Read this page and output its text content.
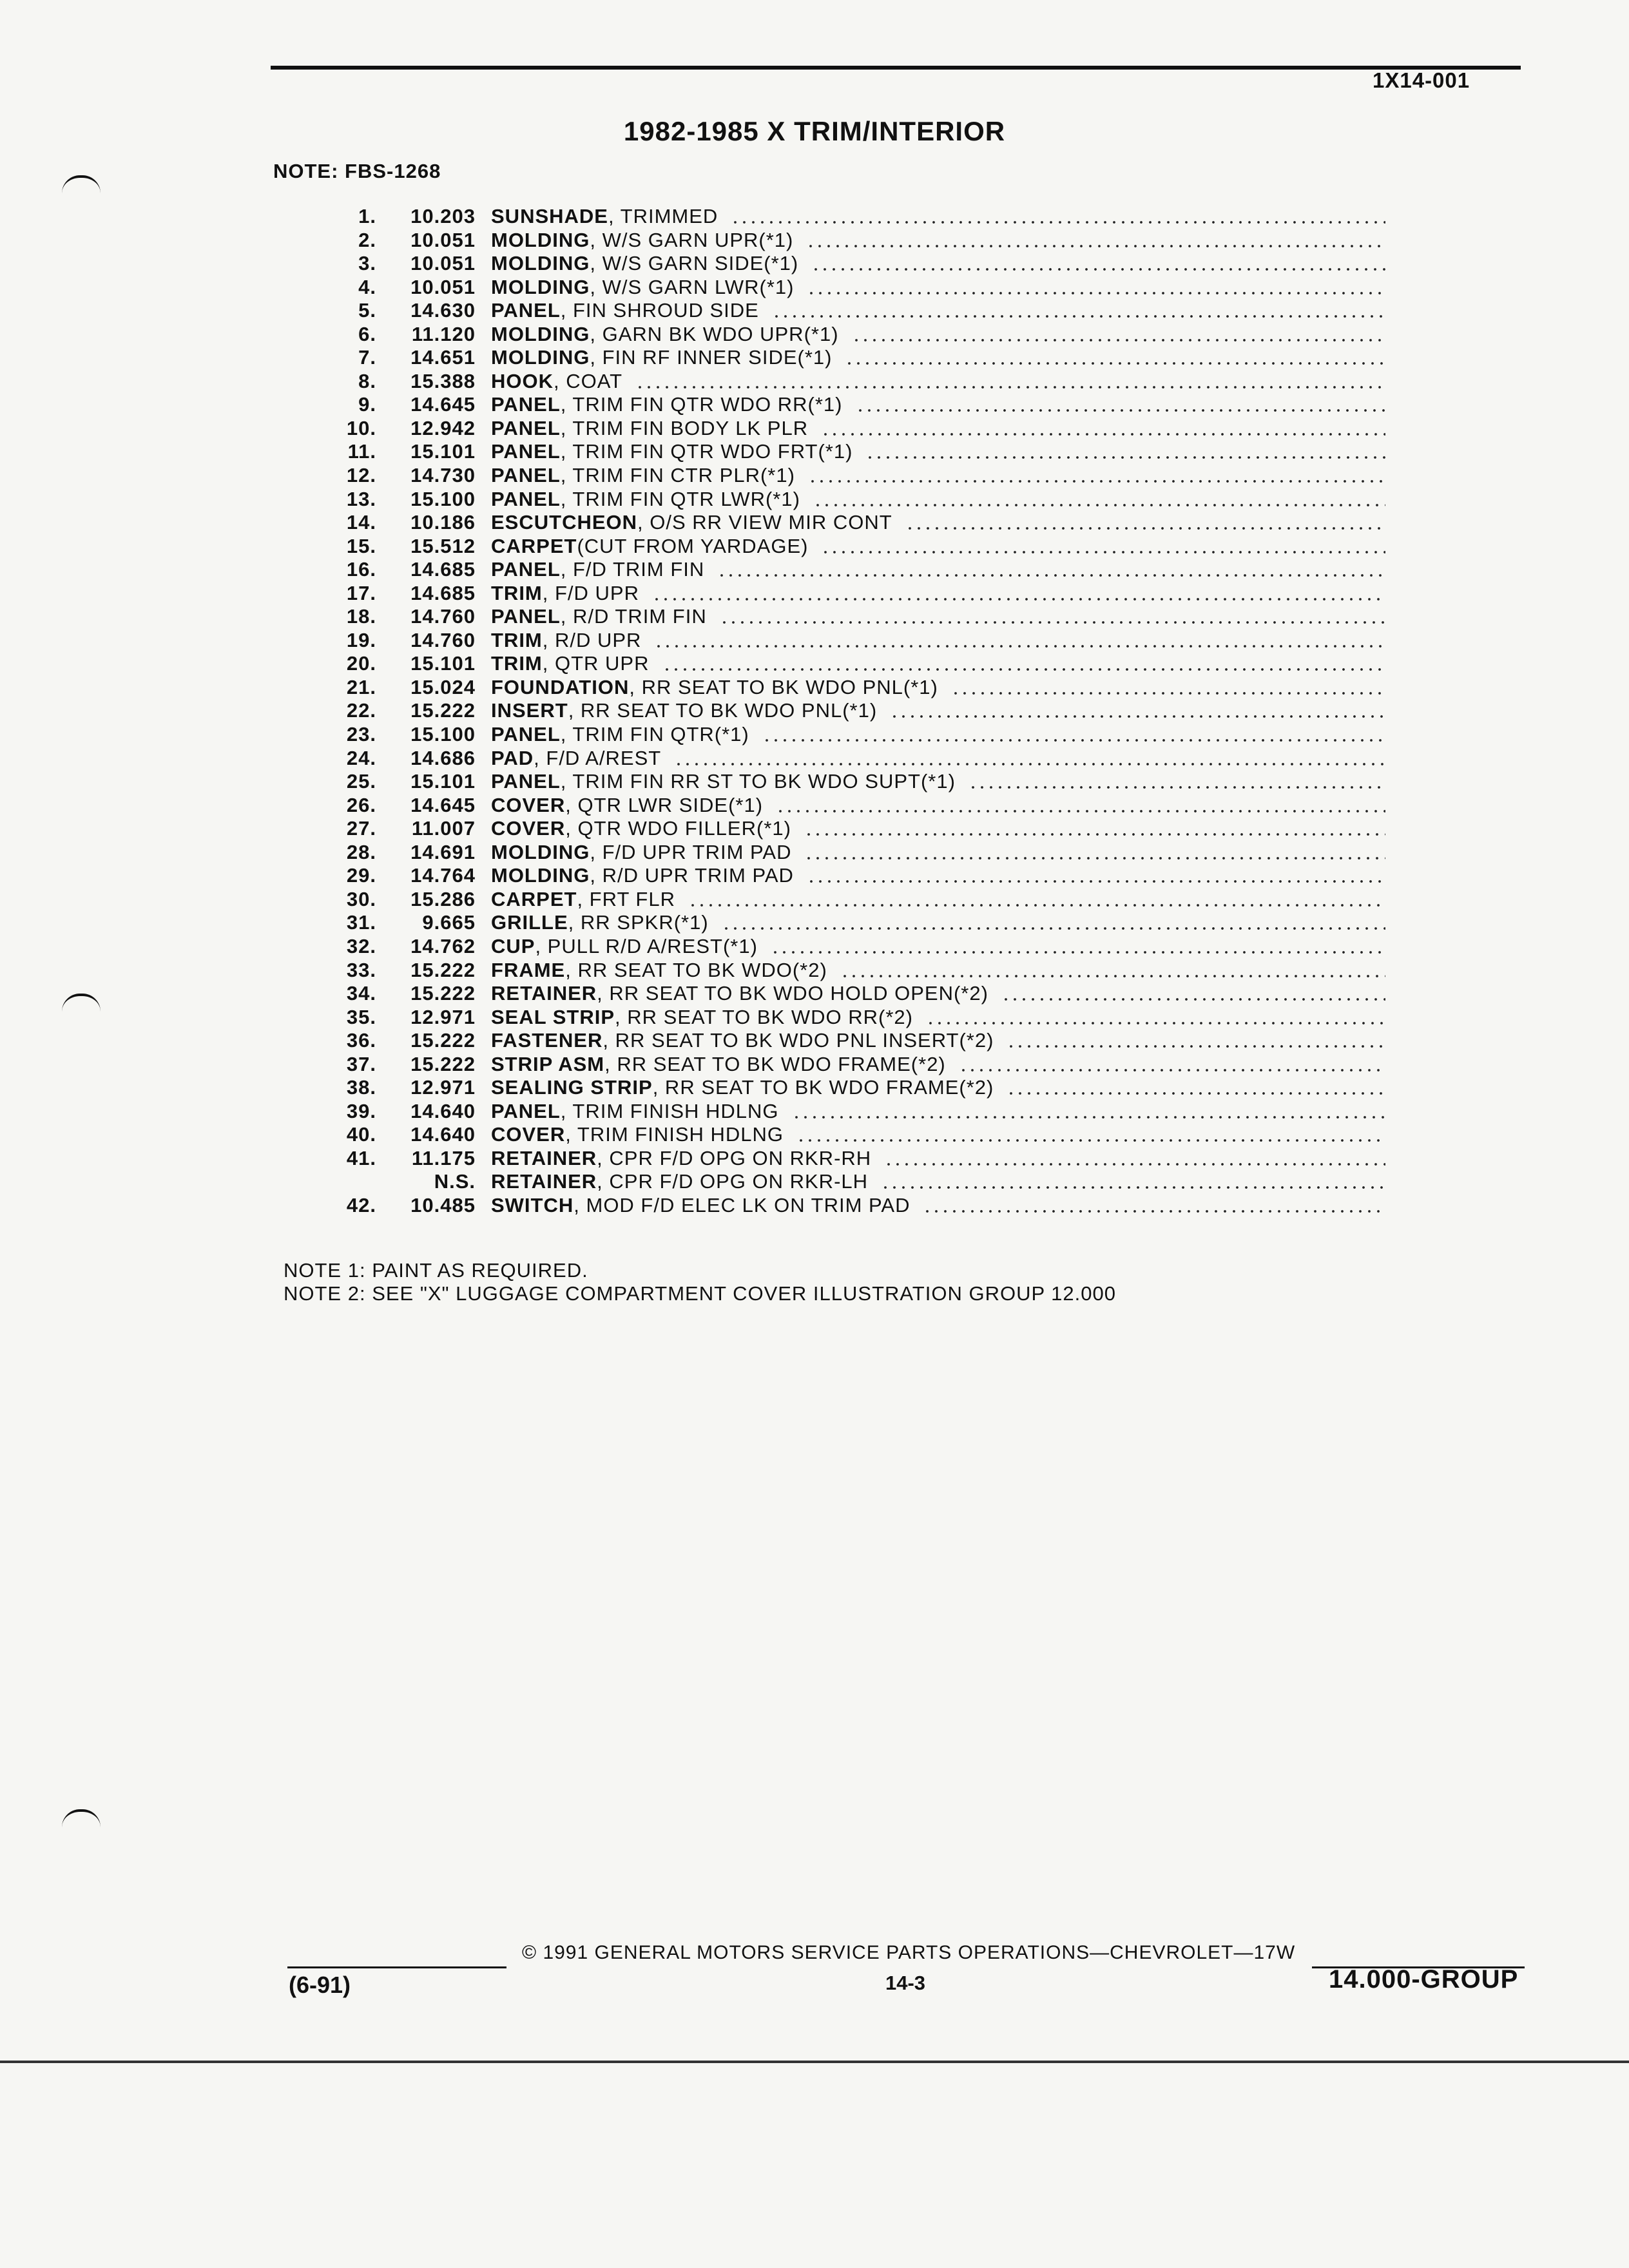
1X14-001
1982-1985 X TRIM/INTERIOR
NOTE: FBS-1268
1. 10.203 SUNSHADE , TRIMMED
2. 10.051 MOLDING , W/S GARN UPR(*1)
3. 10.051 MOLDING , W/S GARN SIDE(*1)
4. 10.051 MOLDING , W/S GARN LWR(*1)
5. 14.630 PANEL , FIN SHROUD SIDE
6. 11.120 MOLDING , GARN BK WDO UPR(*1)
7. 14.651 MOLDING , FIN RF INNER SIDE(*1)
8. 15.388 HOOK , COAT
9. 14.645 PANEL , TRIM FIN QTR WDO RR(*1)
10. 12.942 PANEL , TRIM FIN BODY LK PLR
11. 15.101 PANEL , TRIM FIN QTR WDO FRT(*1)
12. 14.730 PANEL , TRIM FIN CTR PLR(*1)
13. 15.100 PANEL , TRIM FIN QTR LWR(*1)
14. 10.186 ESCUTCHEON , O/S RR VIEW MIR CONT
15. 15.512 CARPET (CUT FROM YARDAGE)
16. 14.685 PANEL , F/D TRIM FIN
17. 14.685 TRIM , F/D UPR
18. 14.760 PANEL , R/D TRIM FIN
19. 14.760 TRIM , R/D UPR
20. 15.101 TRIM , QTR UPR
21. 15.024 FOUNDATION , RR SEAT TO BK WDO PNL(*1)
22. 15.222 INSERT , RR SEAT TO BK WDO PNL(*1)
23. 15.100 PANEL , TRIM FIN QTR(*1)
24. 14.686 PAD , F/D A/REST
25. 15.101 PANEL , TRIM FIN RR ST TO BK WDO SUPT(*1)
26. 14.645 COVER , QTR LWR SIDE(*1)
27. 11.007 COVER , QTR WDO FILLER(*1)
28. 14.691 MOLDING , F/D UPR TRIM PAD
29. 14.764 MOLDING , R/D UPR TRIM PAD
30. 15.286 CARPET , FRT FLR
31. 9.665 GRILLE , RR SPKR(*1)
32. 14.762 CUP , PULL R/D A/REST(*1)
33. 15.222 FRAME , RR SEAT TO BK WDO(*2)
34. 15.222 RETAINER , RR SEAT TO BK WDO HOLD OPEN(*2)
35. 12.971 SEAL STRIP , RR SEAT TO BK WDO RR(*2)
36. 15.222 FASTENER , RR SEAT TO BK WDO PNL INSERT(*2)
37. 15.222 STRIP ASM , RR SEAT TO BK WDO FRAME(*2)
38. 12.971 SEALING STRIP , RR SEAT TO BK WDO FRAME(*2)
39. 14.640 PANEL , TRIM FINISH HDLNG
40. 14.640 COVER , TRIM FINISH HDLNG
41. 11.175 RETAINER , CPR F/D OPG ON RKR-RH
N.S. RETAINER , CPR F/D OPG ON RKR-LH
42. 10.485 SWITCH , MOD F/D ELEC LK ON TRIM PAD
NOTE 1: PAINT AS REQUIRED.
NOTE 2: SEE "X" LUGGAGE COMPARTMENT COVER ILLUSTRATION GROUP 12.000
© 1991 GENERAL MOTORS SERVICE PARTS OPERATIONS—CHEVROLET—17W
(6-91)	14-3	14.000-GROUP
